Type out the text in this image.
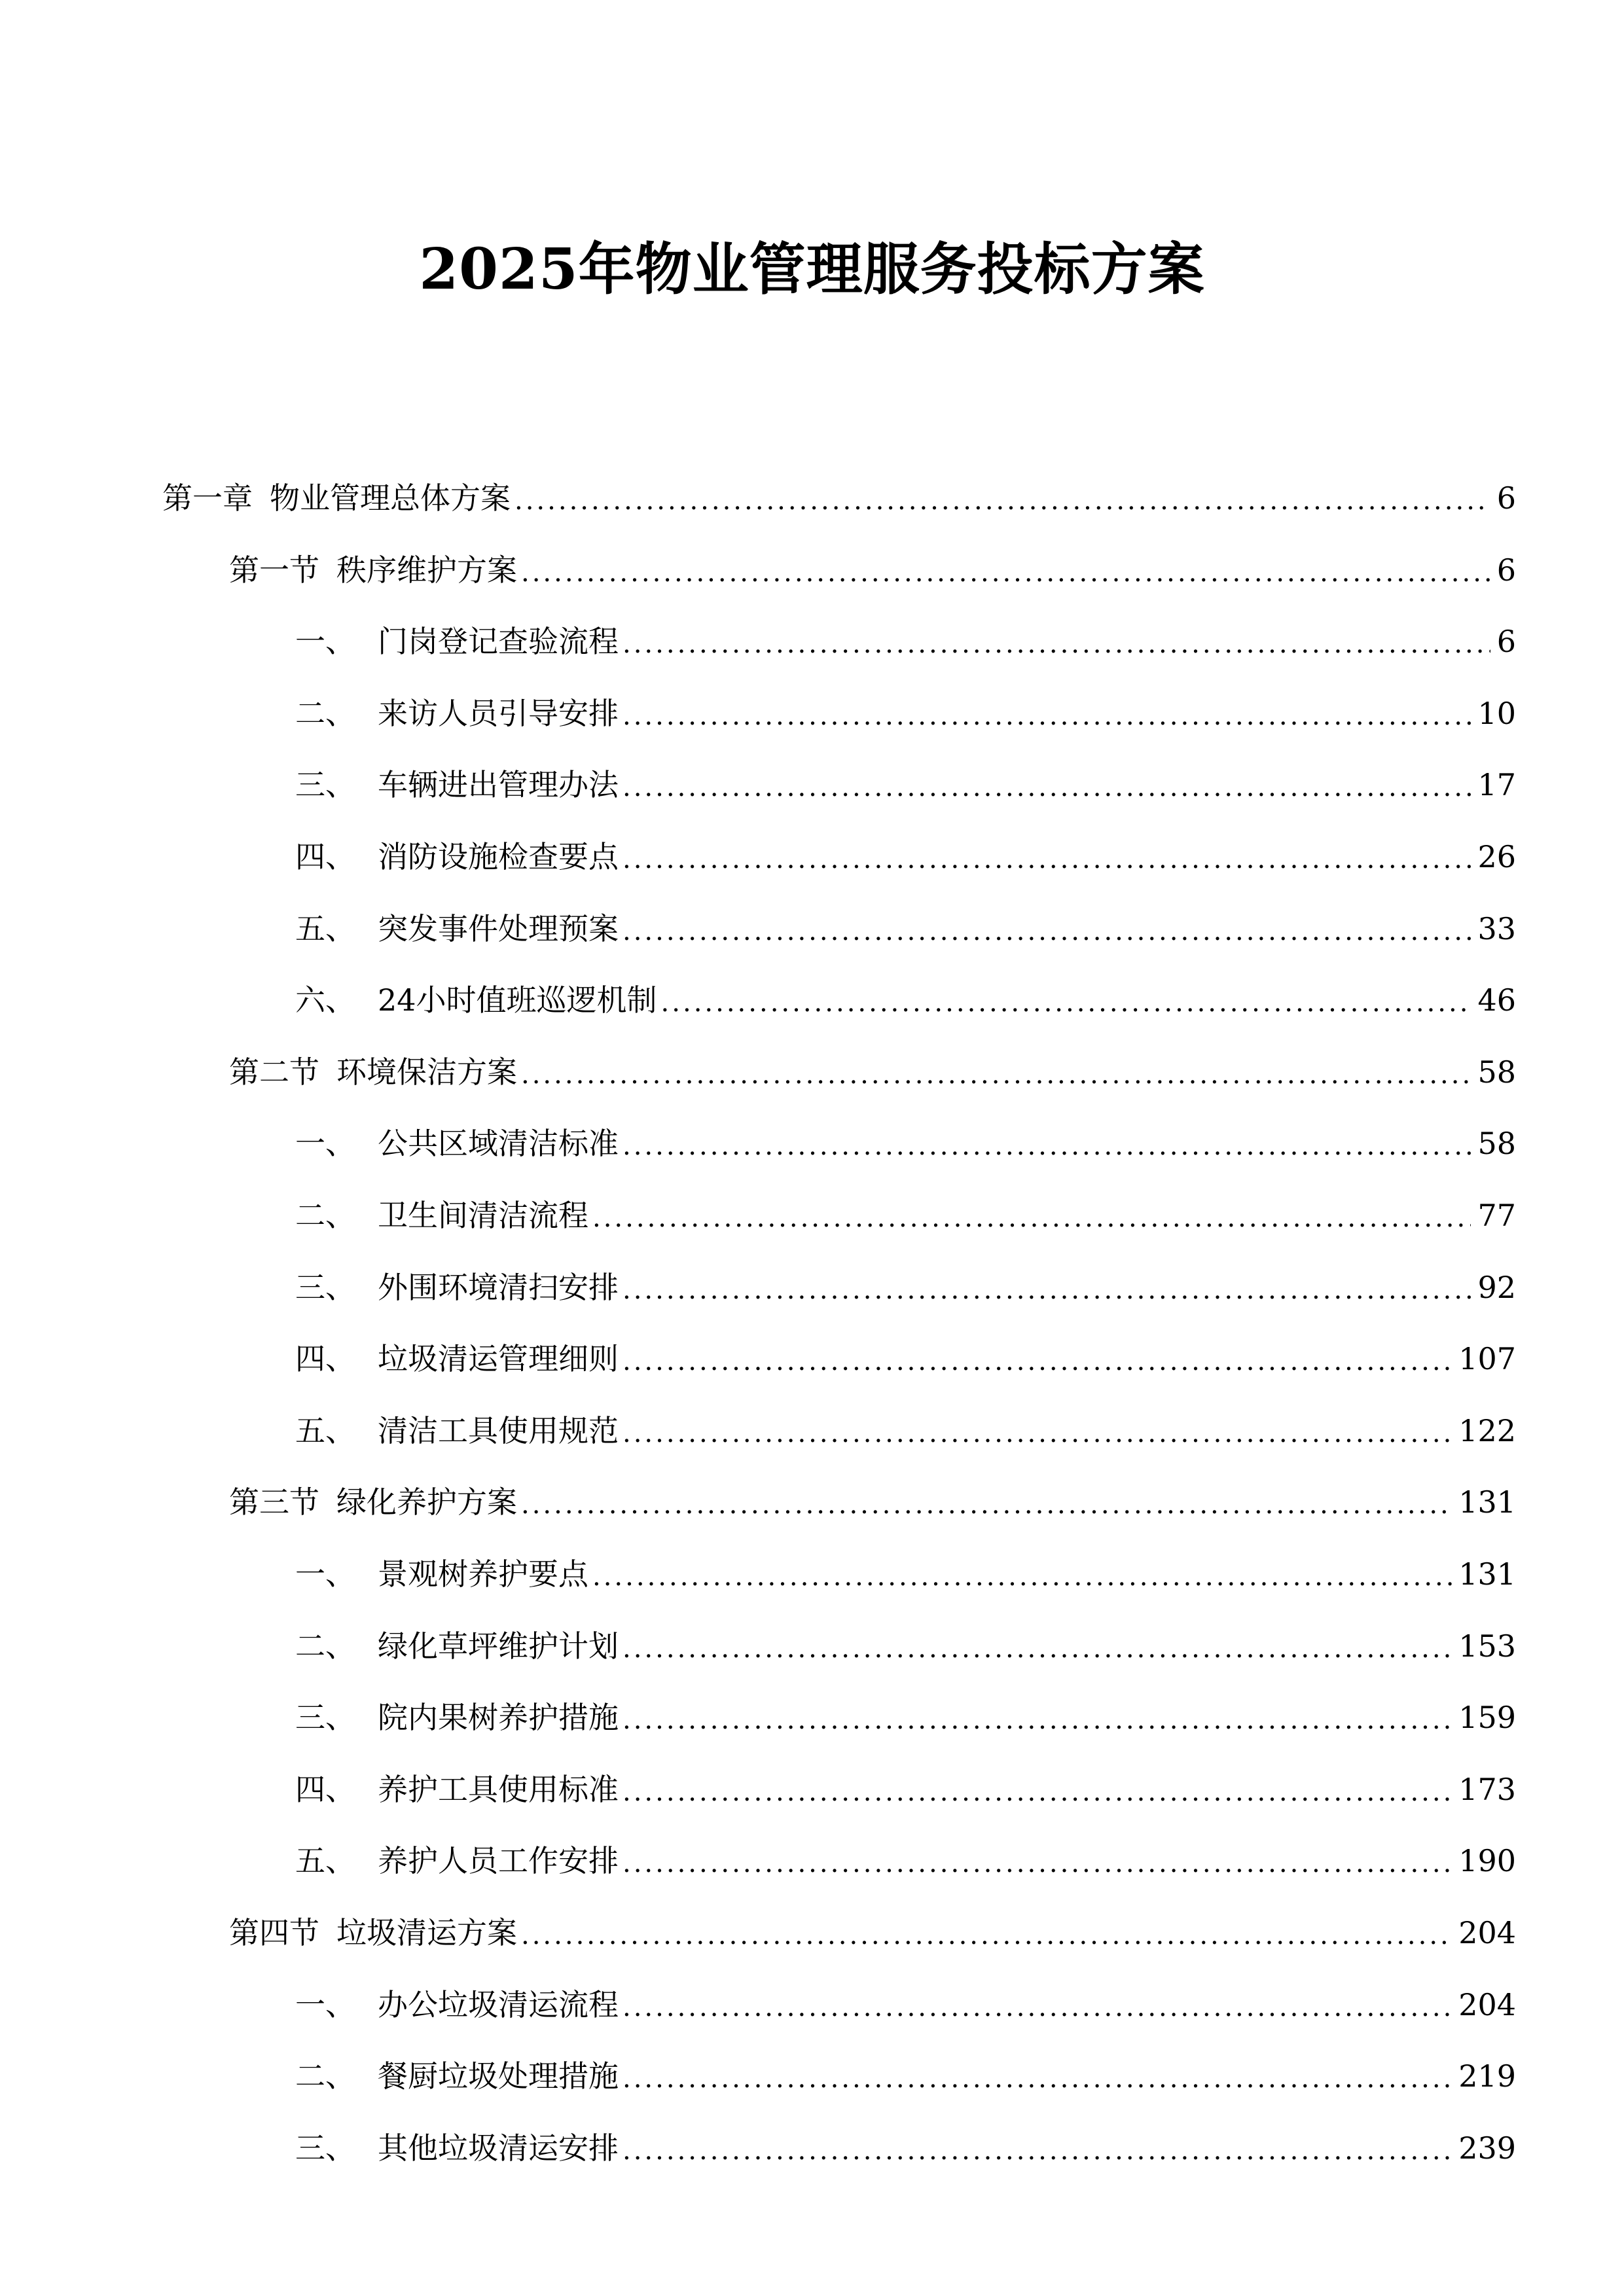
2025年物业管理服务投标方案
第一章 物业管理总体方案 .....	6
第一节 秩序维护方案 .....	6
一、 门岗登记查验流程 .....	6
二、 来访人员引导安排 .....	10
三、 车辆进出管理办法 .....	17
四、 消防设施检查要点 .....	26
五、 突发事件处理预案 .....	33
六、 24小时值班巡逻机制 .....	46
第二节 环境保洁方案 .....	58
一、 公共区域清洁标准 .....	58
二、 卫生间清洁流程 .....	77
三、 外围环境清扫安排 .....	92
四、 垃圾清运管理细则 .....	107
五、 清洁工具使用规范 .....	122
第三节 绿化养护方案 .....	131
一、 景观树养护要点 .....	131
二、 绿化草坪维护计划 .....	153
三、 院内果树养护措施 .....	159
四、 养护工具使用标准 .....	173
五、 养护人员工作安排 .....	190
第四节 垃圾清运方案 .....	204
一、 办公垃圾清运流程 .....	204
二、 餐厨垃圾处理措施 .....	219
三、 其他垃圾清运安排 .....	239
